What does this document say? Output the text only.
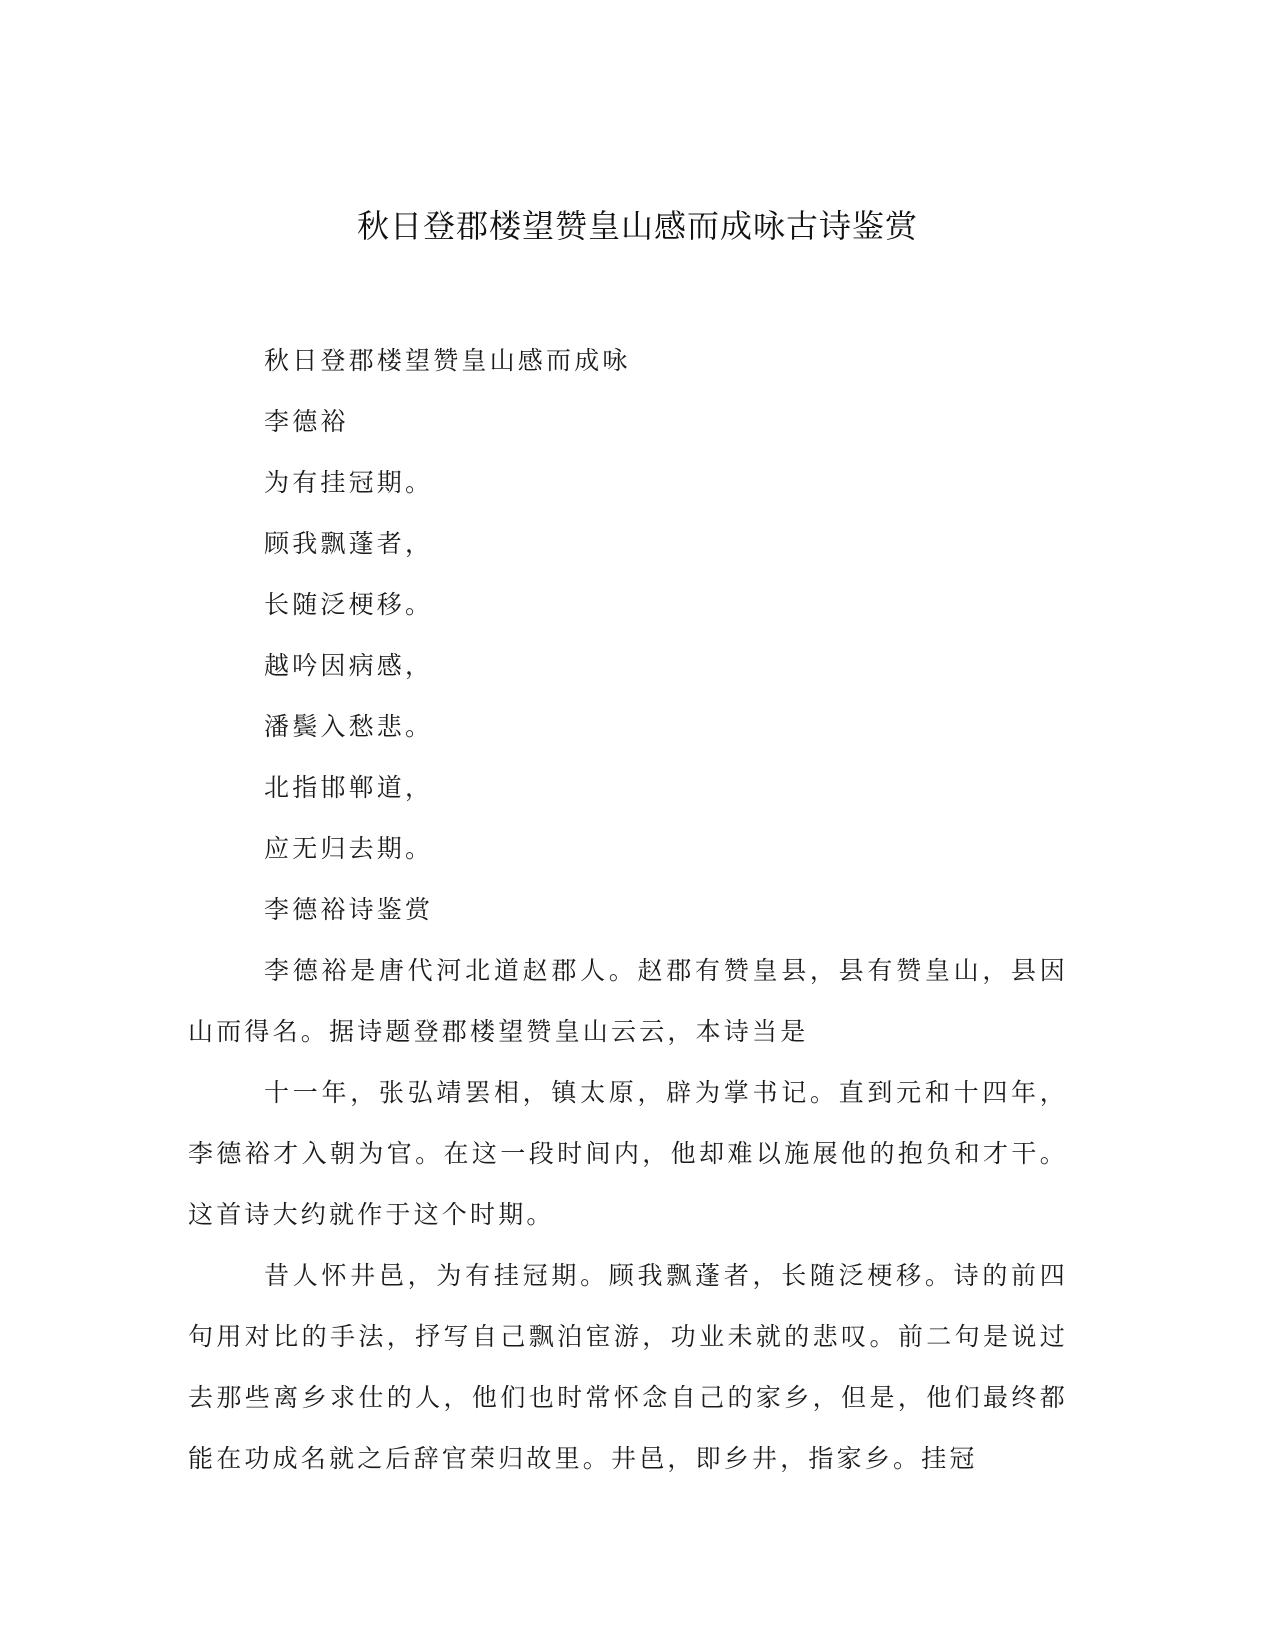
秋日登郡楼望赞皇山感而成咏古诗鉴赏

秋日登郡楼望赞皇山感而成咏

李德裕

为有挂冠期。

顾我飘蓬者，

长随泛梗移。

越吟因病感，

潘鬓入愁悲。

北指邯郸道，

应无归去期。

李德裕诗鉴赏

李德裕是唐代河北道赵郡人。赵郡有赞皇县，县有赞皇山，县因山而得名。据诗题登郡楼望赞皇山云云，本诗当是

十一年，张弘靖罢相，镇太原，辟为掌书记。直到元和十四年，李德裕才入朝为官。在这一段时间内，他却难以施展他的抱负和才干。这首诗大约就作于这个时期。

昔人怀井邑，为有挂冠期。顾我飘蓬者，长随泛梗移。诗的前四句用对比的手法，抒写自己飘泊宦游，功业未就的悲叹。前二句是说过去那些离乡求仕的人，他们也时常怀念自己的家乡，但是，他们最终都能在功成名就之后辞官荣归故里。井邑，即乡井，指家乡。挂冠
